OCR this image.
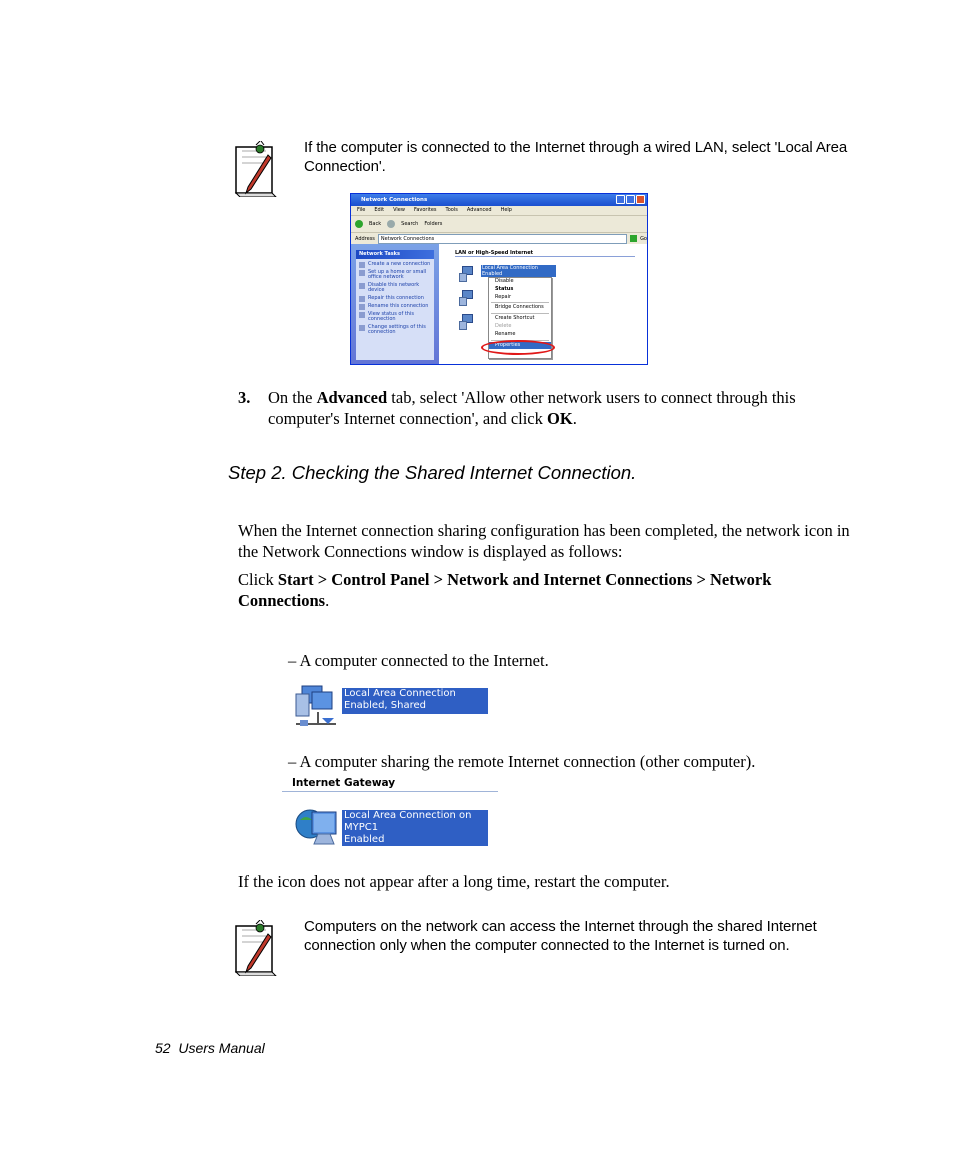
If the computer is connected to the Internet through a wired LAN, select 'Local Area Connection'.
Network Connections
File Edit View Favorites Tools Advanced Help
Back	Search Folders
Address	Network Connections	Go
Network Tasks
Create a new connection
Set up a home or small office network
Disable this network device
Repair this connection
Rename this connection
View status of this connection
Change settings of this connection
LAN or High-Speed Internet
Local Area Connection
Enabled
Disable
Status
Repair
Bridge Connections
Create Shortcut
Delete
Rename
Properties
3. On the Advanced tab, select 'Allow other network users to connect through this computer's Internet connection', and click OK.
Step 2. Checking the Shared Internet Connection.
When the Internet connection sharing configuration has been completed, the network icon in the Network Connections window is displayed as follows:
Click Start > Control Panel > Network and Internet Connections > Network Connections.
– A computer connected to the Internet.
Local Area Connection
Enabled, Shared
– A computer sharing the remote Internet connection (other computer).
Internet Gateway
Local Area Connection on MYPC1
Enabled
Local Area Connection on MYPC1
If the icon does not appear after a long time, restart the computer.
Computers on the network can access the Internet through the shared Internet connection only when the computer connected to the Internet is turned on.
52  Users Manual
